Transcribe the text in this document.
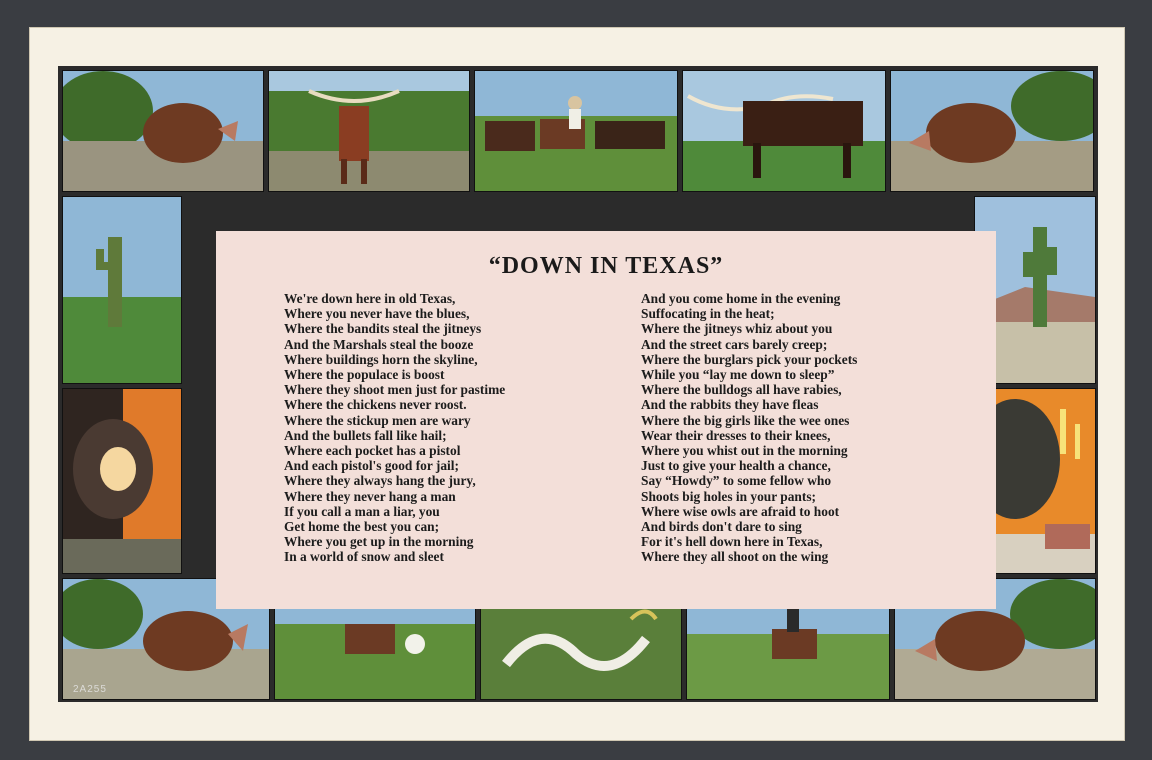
2A255
“DOWN IN TEXAS”
We're down here in old Texas,
Where you never have the blues,
Where the bandits steal the jitneys
And the Marshals steal the booze
Where buildings horn the skyline,
Where the populace is boost
Where they shoot men just for pastime
Where the chickens never roost.
Where the stickup men are wary
And the bullets fall like hail;
Where each pocket has a pistol
And each pistol's good for jail;
Where they always hang the jury,
Where they never hang a man
If you call a man a liar, you
Get home the best you can;
Where you get up in the morning
In a world of snow and sleet
And you come home in the evening
Suffocating in the heat;
Where the jitneys whiz about you
And the street cars barely creep;
Where the burglars pick your pockets
While you “lay me down to sleep”
Where the bulldogs all have rabies,
And the rabbits they have fleas
Where the big girls like the wee ones
Wear their dresses to their knees,
Where you whist out in the morning
Just to give your health a chance,
Say “Howdy” to some fellow who
Shoots big holes in your pants;
Where wise owls are afraid to hoot
And birds don't dare to sing
For it's hell down here in Texas,
Where they all shoot on the wing
